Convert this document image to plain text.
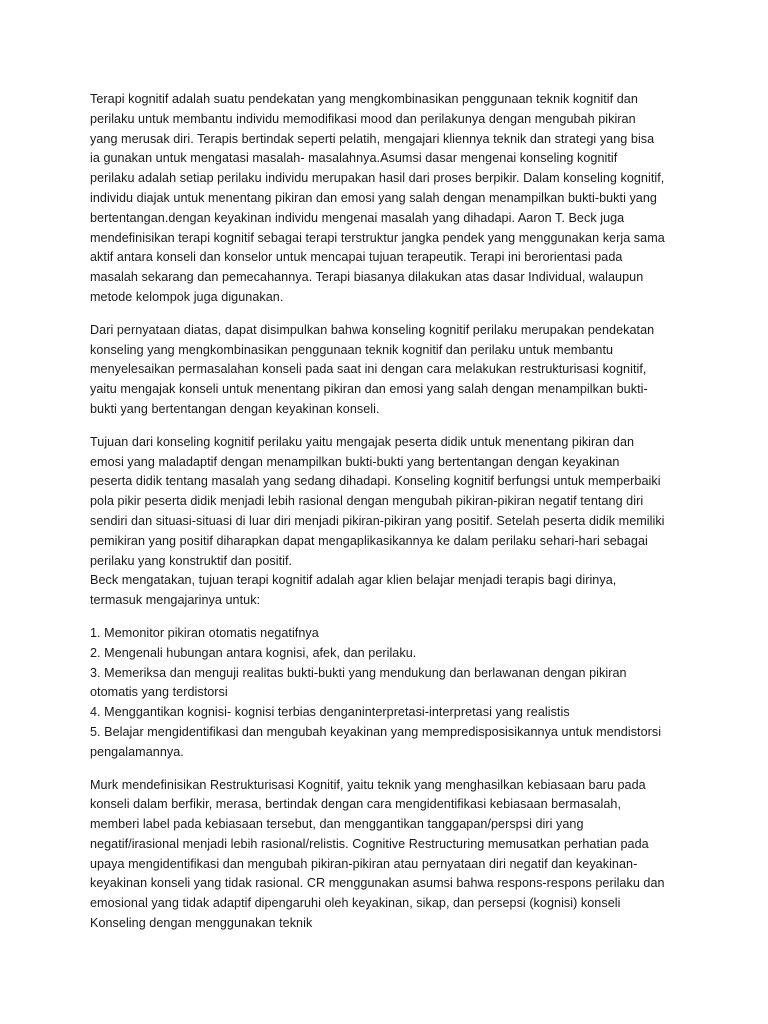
Terapi kognitif adalah suatu pendekatan yang mengkombinasikan penggunaan teknik kognitif dan perilaku untuk membantu individu memodifikasi mood dan perilakunya dengan mengubah pikiran yang merusak diri. Terapis bertindak seperti pelatih, mengajari kliennya teknik dan strategi yang bisa ia gunakan untuk mengatasi masalah- masalahnya.Asumsi dasar mengenai konseling kognitif perilaku adalah setiap perilaku individu merupakan hasil dari proses berpikir. Dalam konseling kognitif, individu diajak untuk menentang pikiran dan emosi yang salah dengan menampilkan bukti-bukti yang bertentangan.dengan keyakinan individu mengenai masalah yang dihadapi. Aaron T. Beck juga mendefinisikan terapi kognitif sebagai terapi terstruktur jangka pendek yang menggunakan kerja sama aktif antara konseli dan konselor untuk mencapai tujuan terapeutik. Terapi ini berorientasi pada masalah sekarang dan pemecahannya. Terapi biasanya dilakukan atas dasar Individual, walaupun metode kelompok juga digunakan.

Dari pernyataan diatas, dapat disimpulkan bahwa konseling kognitif perilaku merupakan pendekatan konseling yang mengkombinasikan penggunaan teknik kognitif dan perilaku untuk membantu menyelesaikan permasalahan konseli pada saat ini dengan cara melakukan restrukturisasi kognitif, yaitu mengajak konseli untuk menentang pikiran dan emosi yang salah dengan menampilkan bukti-bukti yang bertentangan dengan keyakinan konseli.

Tujuan dari konseling kognitif perilaku yaitu mengajak peserta didik untuk menentang pikiran dan emosi yang maladaptif dengan menampilkan bukti-bukti yang bertentangan dengan keyakinan peserta didik tentang masalah yang sedang dihadapi. Konseling kognitif berfungsi untuk memperbaiki pola pikir peserta didik menjadi lebih rasional dengan mengubah pikiran-pikiran negatif tentang diri sendiri dan situasi-situasi di luar diri menjadi pikiran-pikiran yang positif. Setelah peserta didik memiliki pemikiran yang positif diharapkan dapat mengaplikasikannya ke dalam perilaku sehari-hari sebagai perilaku yang konstruktif dan positif.

Beck mengatakan, tujuan terapi kognitif adalah agar klien belajar menjadi terapis bagi dirinya, termasuk mengajarinya untuk:

1. Memonitor pikiran otomatis negatifnya

2. Mengenali hubungan antara kognisi, afek, dan perilaku.

3. Memeriksa dan menguji realitas bukti-bukti yang mendukung dan berlawanan dengan pikiran otomatis yang terdistorsi

4. Menggantikan kognisi- kognisi terbias denganinterpretasi-interpretasi yang realistis

5. Belajar mengidentifikasi dan mengubah keyakinan yang mempredisposisikannya untuk mendistorsi pengalamannya.

Murk mendefinisikan Restrukturisasi Kognitif, yaitu teknik yang menghasilkan kebiasaan baru pada konseli dalam berfikir, merasa, bertindak dengan cara mengidentifikasi kebiasaan bermasalah, memberi label pada kebiasaan tersebut, dan menggantikan tanggapan/perspsi diri yang negatif/irasional menjadi lebih rasional/relistis. Cognitive Restructuring memusatkan perhatian pada upaya mengidentifikasi dan mengubah pikiran-pikiran atau pernyataan diri negatif dan keyakinan-keyakinan konseli yang tidak rasional. CR menggunakan asumsi bahwa respons-respons perilaku dan emosional yang tidak adaptif dipengaruhi oleh keyakinan, sikap, dan persepsi (kognisi) konseli Konseling dengan menggunakan teknik
